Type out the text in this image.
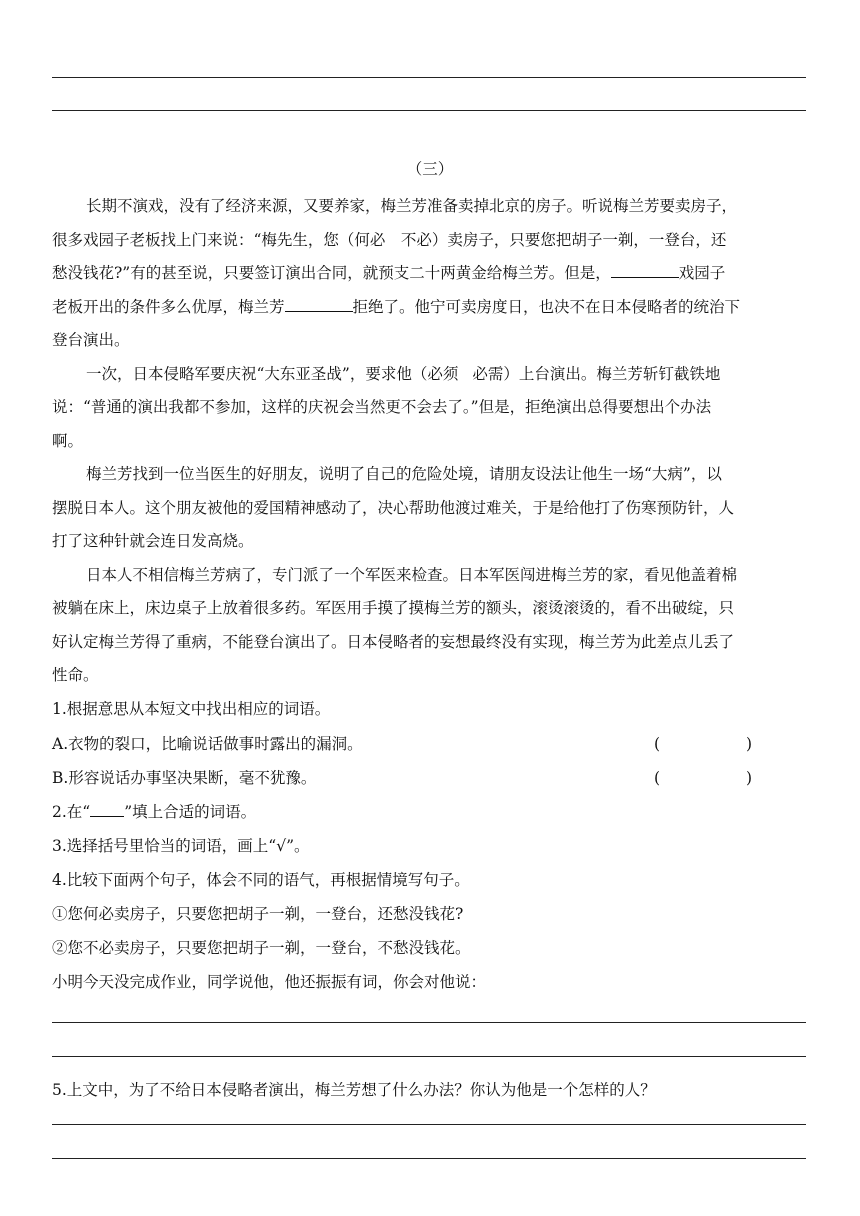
（三）
长期不演戏，没有了经济来源，又要养家，梅兰芳准备卖掉北京的房子。听说梅兰芳要卖房子，
很多戏园子老板找上门来说：“梅先生，您（何必　不必）卖房子，只要您把胡子一剃，一登台，还
愁没钱花?”有的甚至说，只要签订演出合同，就预支二十两黄金给梅兰芳。但是，	戏园子
老板开出的条件多么优厚，梅兰芳	拒绝了。他宁可卖房度日，也决不在日本侵略者的统治下
登台演出。
一次，日本侵略军要庆祝“大东亚圣战”，要求他（必须 必需）上台演出。梅兰芳斩钉截铁地
说：“普通的演出我都不参加，这样的庆祝会当然更不会去了。”但是，拒绝演出总得要想出个办法
啊。
梅兰芳找到一位当医生的好朋友，说明了自己的危险处境，请朋友设法让他生一场“大病”，以
摆脱日本人。这个朋友被他的爱国精神感动了，决心帮助他渡过难关，于是给他打了伤寒预防针，人
打了这种针就会连日发高烧。
日本人不相信梅兰芳病了，专门派了一个军医来检查。日本军医闯进梅兰芳的家，看见他盖着棉
被躺在床上，床边桌子上放着很多药。军医用手摸了摸梅兰芳的额头，滚烫滚烫的，看不出破绽，只
好认定梅兰芳得了重病，不能登台演出了。日本侵略者的妄想最终没有实现，梅兰芳为此差点儿丢了
性命。
1.根据意思从本短文中找出相应的词语。
A.衣物的裂口，比喻说话做事时露出的漏洞。	(	)
B.形容说话办事坚决果断，毫不犹豫。	(	)
2.在“ ”填上合适的词语。
3.选择括号里恰当的词语，画上“√”。
4.比较下面两个句子，体会不同的语气，再根据情境写句子。
①您何必卖房子，只要您把胡子一剃，一登台，还愁没钱花?
②您不必卖房子，只要您把胡子一剃，一登台，不愁没钱花。
小明今天没完成作业，同学说他，他还振振有词，你会对他说：
5.上文中，为了不给日本侵略者演出，梅兰芳想了什么办法？你认为他是一个怎样的人？
